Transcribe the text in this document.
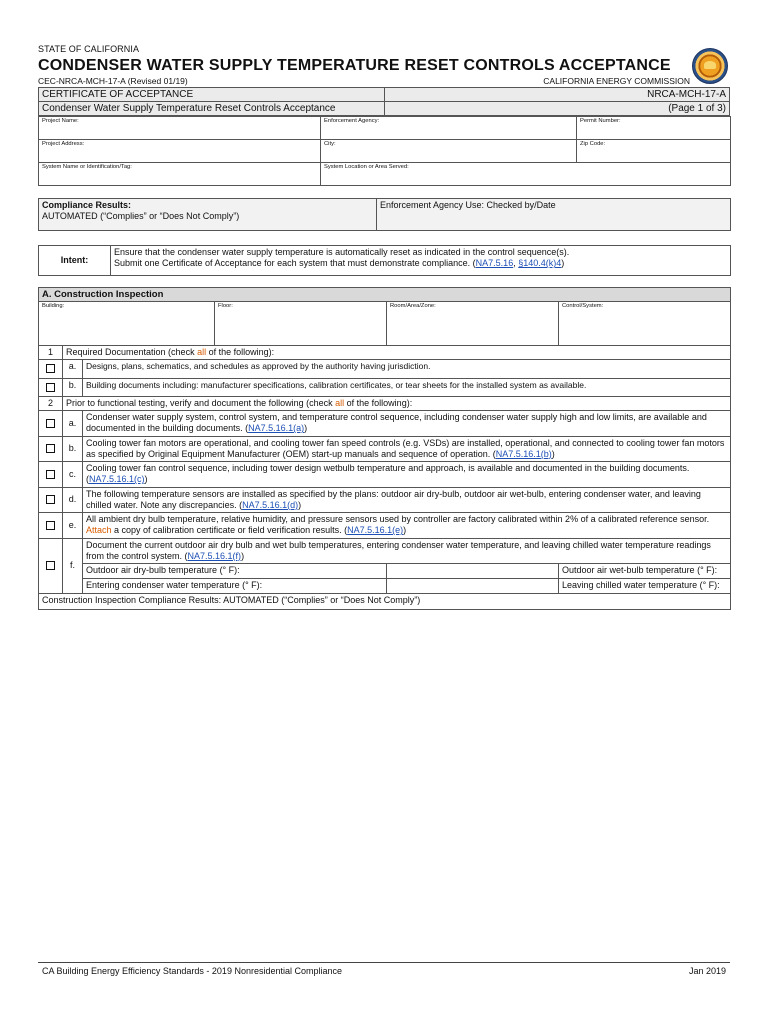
STATE OF CALIFORNIA
CONDENSER WATER SUPPLY TEMPERATURE RESET CONTROLS ACCEPTANCE
CEC-NRCA-MCH-17-A (Revised 01/19)	CALIFORNIA ENERGY COMMISSION
CERTIFICATE OF ACCEPTANCE	NRCA-MCH-17-A
Condenser Water Supply Temperature Reset Controls Acceptance	(Page 1 of 3)
Project Name:	Enforcement Agency:	Permit Number:
Project Address:	City:	Zip Code:
System Name or Identification/Tag:	System Location or Area Served:	
Compliance Results:
AUTOMATED (“Complies” or “Does Not Comply”)
	Enforcement Agency Use: Checked by/Date
Intent:	
Ensure that the condenser water supply temperature is automatically reset as indicated in the control sequence(s).
Submit one Certificate of Acceptance for each system that must demonstrate compliance. (NA7.5.16, §140.4(k)4)
A. Construction Inspection					
Building:			Floor:	Room/Area/Zone:	Control/System:
1	Required Documentation (check all of the following):				
	a.	Designs, plans, schematics, and schedules as approved by the authority having jurisdiction.			
	b.	Building documents including: manufacturer specifications, calibration certificates, or tear sheets for the installed system as available.			
2	Prior to functional testing, verify and document the following (check all of the following):				
	a.	Condenser water supply system, control system, and temperature control sequence, including condenser water supply high and low limits, are available and documented in the building documents. (NA7.5.16.1(a))			
	b.	Cooling tower fan motors are operational, and cooling tower fan speed controls (e.g. VSDs) are installed, operational, and connected to cooling tower fan motors as specified by Original Equipment Manufacturer (OEM) start-up manuals and sequence of operation. (NA7.5.16.1(b))			
	c.	Cooling tower fan control sequence, including tower design wetbulb temperature and approach, is available and documented in the building documents. (NA7.5.16.1(c))			
	d.	The following temperature sensors are installed as specified by the plans: outdoor air dry-bulb, outdoor air wet-bulb, entering condenser water, and leaving chilled water. Note any discrepancies. (NA7.5.16.1(d))			
	e.	All ambient dry bulb temperature, relative humidity, and pressure sensors used by controller are factory calibrated within 2% of a calibrated reference sensor. Attach a copy of calibration certificate or field verification results. (NA7.5.16.1(e))			
	f.	Document the current outdoor air dry bulb and wet bulb temperatures, entering condenser water temperature, and leaving chilled water temperature readings from the control system. (NA7.5.16.1(f))			
		Outdoor air dry-bulb temperature (° F):			Outdoor air wet-bulb temperature (° F):
		Entering condenser water temperature (° F):			Leaving chilled water temperature (° F):
Construction Inspection Compliance Results: AUTOMATED (“Complies” or “Does Not Comply”)					
CA Building Energy Efficiency Standards - 2019 Nonresidential Compliance	Jan 2019
